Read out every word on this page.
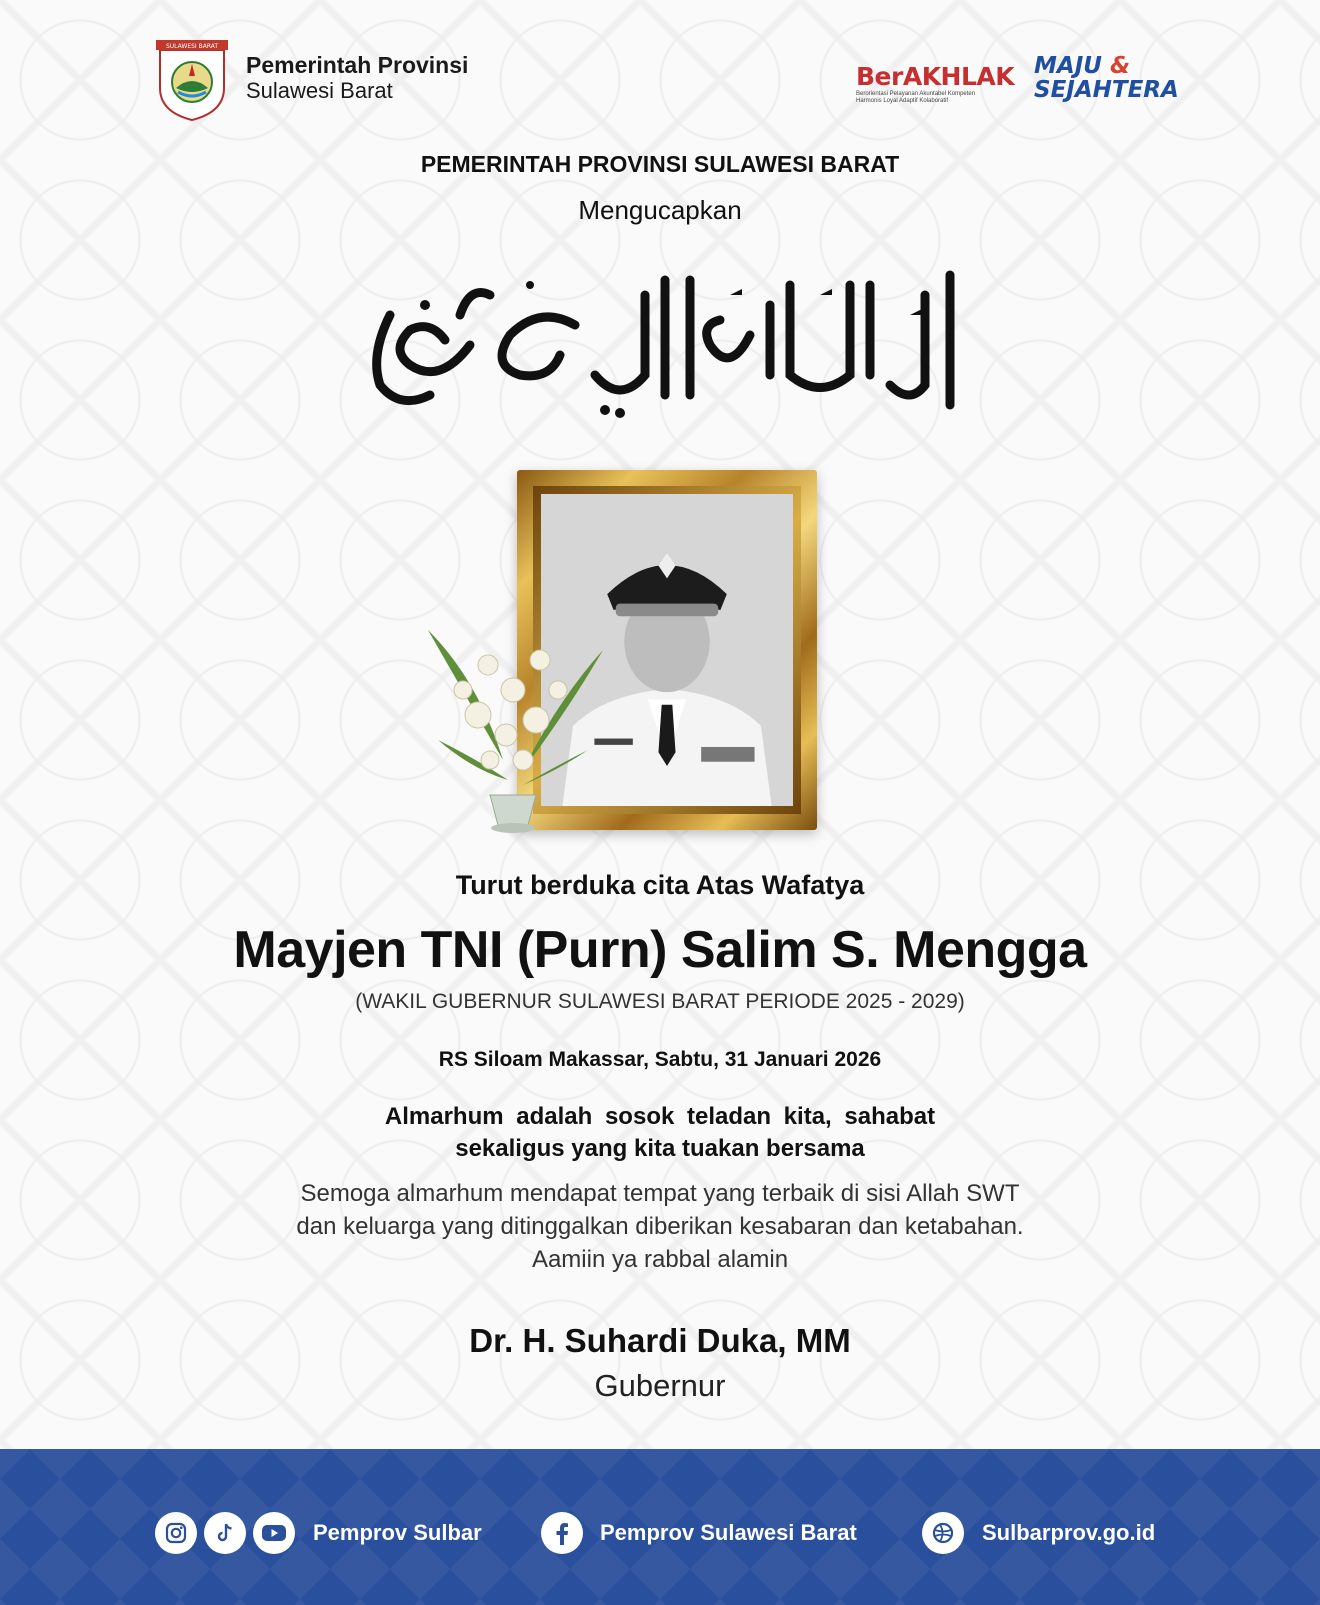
SULAWESI BARAT
Pemerintah Provinsi
Sulawesi Barat	BerAKHLAK
Berorientasi Pelayanan Akuntabel Kompeten
Harmonis Loyal Adaptif Kolaboratif
MAJU &
SEJAHTERA
PEMERINTAH PROVINSI SULAWESI BARAT
Mengucapkan
Turut berduka cita Atas Wafatya
Mayjen TNI (Purn) Salim S. Mengga
(WAKIL GUBERNUR SULAWESI BARAT PERIODE 2025 - 2029)
RS Siloam Makassar, Sabtu, 31 Januari 2026
Almarhum adalah sosok teladan kita, sahabat
sekaligus yang kita tuakan bersama
Semoga almarhum mendapat tempat yang terbaik di sisi Allah SWT
dan keluarga yang ditinggalkan diberikan kesabaran dan ketabahan.
Aamiin ya rabbal alamin
Dr. H. Suhardi Duka, MM
Gubernur
Pemprov Sulbar	Pemprov Sulawesi Barat	Sulbarprov.go.id
